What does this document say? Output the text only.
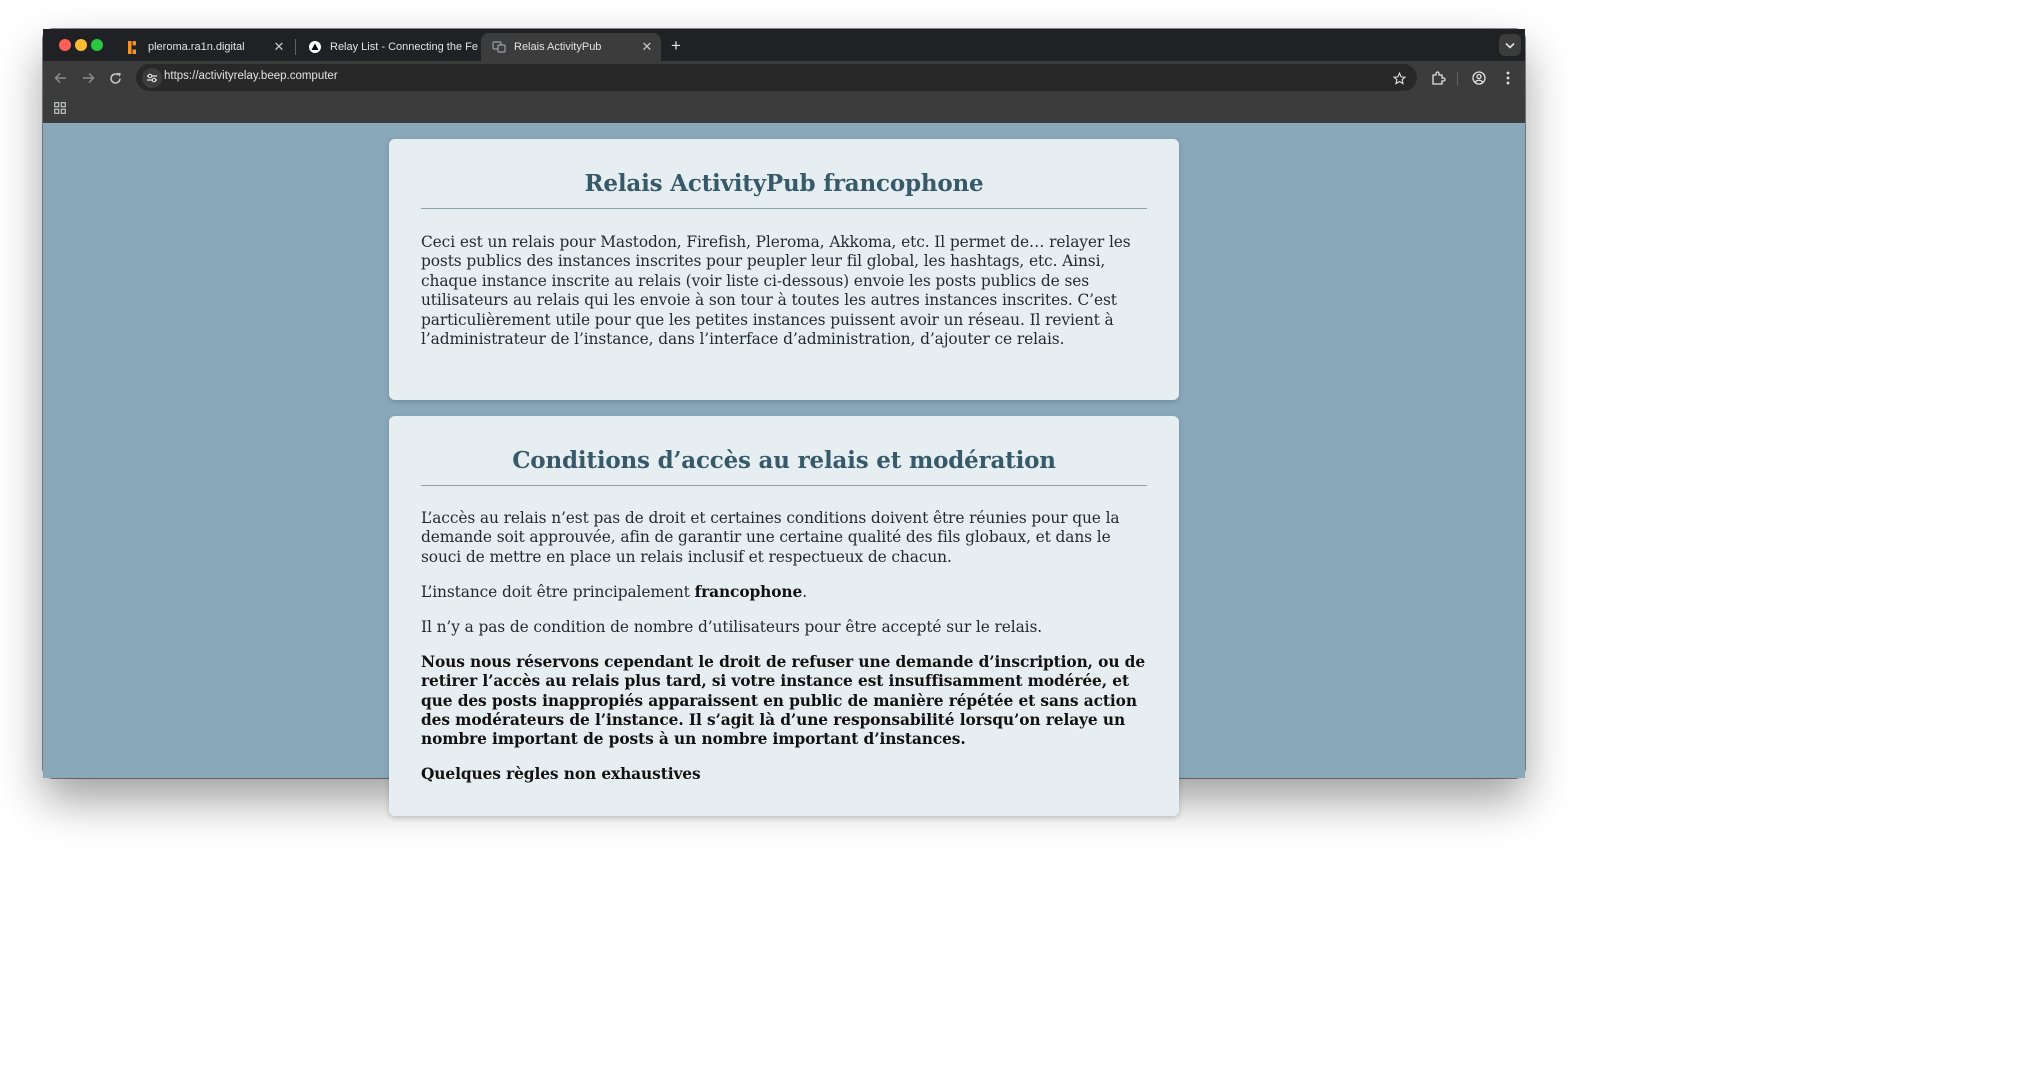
pleroma.ra1n.digital	✕	Relay List - Connecting the Fe	Relais ActivityPub	✕ +
https://activityrelay.beep.computer
Relais ActivityPub francophone

Ceci est un relais pour Mastodon, Firefish, Pleroma, Akkoma, etc. Il permet de… relayer les posts publics des instances inscrites pour peupler leur fil global, les hashtags, etc. Ainsi, chaque instance inscrite au relais (voir liste ci-dessous) envoie les posts publics de ses utilisateurs au relais qui les envoie à son tour à toutes les autres instances inscrites. C’est particulièrement utile pour que les petites instances puissent avoir un réseau. Il revient à l’administrateur de l’instance, dans l’interface d’administration, d’ajouter ce relais.

Conditions d’accès au relais et modération

L’accès au relais n’est pas de droit et certaines conditions doivent être réunies pour que la demande soit approuvée, afin de garantir une certaine qualité des fils globaux, et dans le souci de mettre en place un relais inclusif et respectueux de chacun.

L’instance doit être principalement francophone.

Il n’y a pas de condition de nombre d’utilisateurs pour être accepté sur le relais.

Nous nous réservons cependant le droit de refuser une demande d’inscription, ou de retirer l’accès au relais plus tard, si votre instance est insuffisamment modérée, et que des posts inappropiés apparaissent en public de manière répétée et sans action des modérateurs de l’instance. Il s’agit là d’une responsabilité lorsqu’on relaye un nombre important de posts à un nombre important d’instances.

Quelques règles non exhaustives
